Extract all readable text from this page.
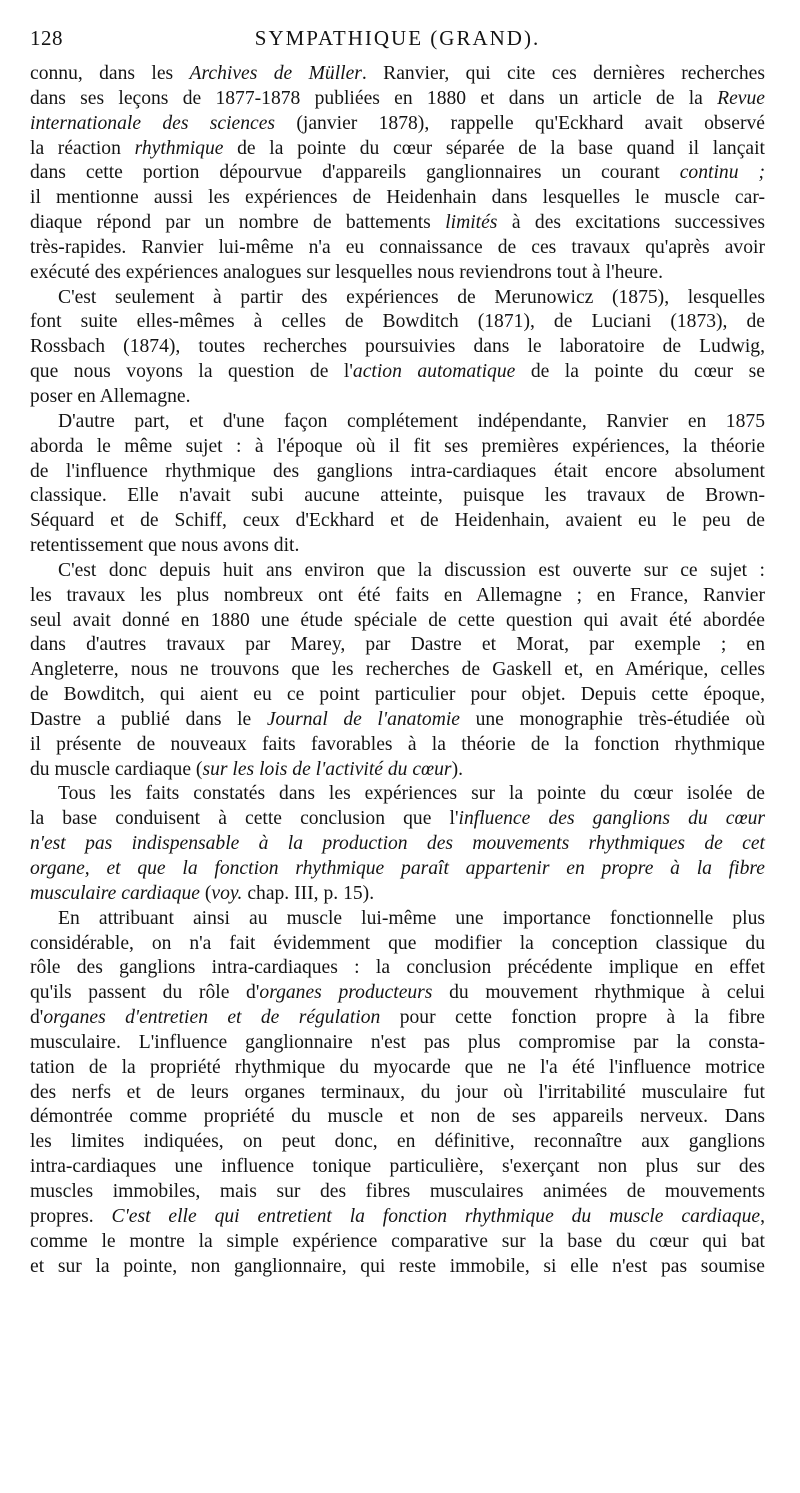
128	SYMPATHIQUE (GRAND).
connu, dans les Archives de Müller. Ranvier, qui cite ces dernières recherches
dans ses leçons de 1877-1878 publiées en 1880 et dans un article de la Revue
internationale des sciences (janvier 1878), rappelle qu'Eckhard avait observé
la réaction rhythmique de la pointe du cœur séparée de la base quand il lançait
dans cette portion dépourvue d'appareils ganglionnaires un courant continu ;
il mentionne aussi les expériences de Heidenhain dans lesquelles le muscle car-
diaque répond par un nombre de battements limités à des excitations successives
très-rapides. Ranvier lui-même n'a eu connaissance de ces travaux qu'après avoir
exécuté des expériences analogues sur lesquelles nous reviendrons tout à l'heure.
C'est seulement à partir des expériences de Merunowicz (1875), lesquelles
font suite elles-mêmes à celles de Bowditch (1871), de Luciani (1873), de
Rossbach (1874), toutes recherches poursuivies dans le laboratoire de Ludwig,
que nous voyons la question de l'action automatique de la pointe du cœur se
poser en Allemagne.
D'autre part, et d'une façon complétement indépendante, Ranvier en 1875
aborda le même sujet : à l'époque où il fit ses premières expériences, la théorie
de l'influence rhythmique des ganglions intra-cardiaques était encore absolument
classique. Elle n'avait subi aucune atteinte, puisque les travaux de Brown-
Séquard et de Schiff, ceux d'Eckhard et de Heidenhain, avaient eu le peu de
retentissement que nous avons dit.
C'est donc depuis huit ans environ que la discussion est ouverte sur ce sujet :
les travaux les plus nombreux ont été faits en Allemagne ; en France, Ranvier
seul avait donné en 1880 une étude spéciale de cette question qui avait été abordée
dans d'autres travaux par Marey, par Dastre et Morat, par exemple ; en
Angleterre, nous ne trouvons que les recherches de Gaskell et, en Amérique, celles
de Bowditch, qui aient eu ce point particulier pour objet. Depuis cette époque,
Dastre a publié dans le Journal de l'anatomie une monographie très-étudiée où
il présente de nouveaux faits favorables à la théorie de la fonction rhythmique
du muscle cardiaque (sur les lois de l'activité du cœur).
Tous les faits constatés dans les expériences sur la pointe du cœur isolée de
la base conduisent à cette conclusion que l'influence des ganglions du cœur
n'est pas indispensable à la production des mouvements rhythmiques de cet
organe, et que la fonction rhythmique paraît appartenir en propre à la fibre
musculaire cardiaque (voy. chap. III, p. 15).
En attribuant ainsi au muscle lui-même une importance fonctionnelle plus
considérable, on n'a fait évidemment que modifier la conception classique du
rôle des ganglions intra-cardiaques : la conclusion précédente implique en effet
qu'ils passent du rôle d'organes producteurs du mouvement rhythmique à celui
d'organes d'entretien et de régulation pour cette fonction propre à la fibre
musculaire. L'influence ganglionnaire n'est pas plus compromise par la consta-
tation de la propriété rhythmique du myocarde que ne l'a été l'influence motrice
des nerfs et de leurs organes terminaux, du jour où l'irritabilité musculaire fut
démontrée comme propriété du muscle et non de ses appareils nerveux. Dans
les limites indiquées, on peut donc, en définitive, reconnaître aux ganglions
intra-cardiaques une influence tonique particulière, s'exerçant non plus sur des
muscles immobiles, mais sur des fibres musculaires animées de mouvements
propres. C'est elle qui entretient la fonction rhythmique du muscle cardiaque,
comme le montre la simple expérience comparative sur la base du cœur qui bat
et sur la pointe, non ganglionnaire, qui reste immobile, si elle n'est pas soumise
